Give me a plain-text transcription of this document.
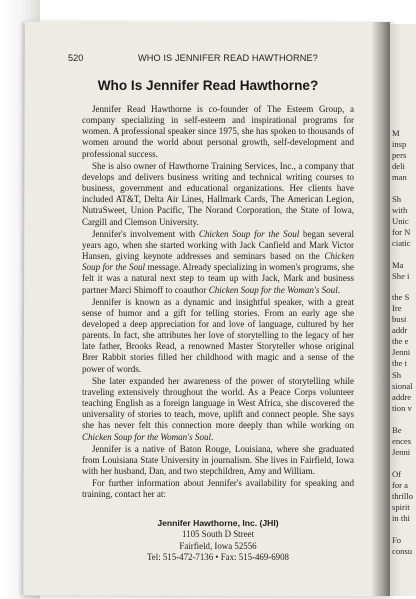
M
insp
pers
deli
man
Sh
with
Unic
for N
ciatic
Ma
She i
the S
Ire
busi
addr
the e
Jenni
the t
Sh
sional
addre
tion v
Be
ences
Jenni
Of
for a
thrillo
spirit
in thi
Fo
consu
520	WHO IS JENNIFER READ HAWTHORNE?
Who Is Jennifer Read Hawthorne?

Jennifer Read Hawthorne is co-founder of The Esteem Group, a company specializing in self-esteem and inspirational programs for women. A professional speaker since 1975, she has spoken to thousands of women around the world about personal growth, self-development and professional success.

She is also owner of Hawthorne Training Services, Inc., a company that develops and delivers business writing and technical writing courses to business, government and educational organizations. Her clients have included AT&T, Delta Air Lines, Hallmark Cards, The American Legion, NutraSweet, Union Pacific, The Norand Corporation, the State of Iowa, Cargill and Clemson University.

Jennifer's involvement with Chicken Soup for the Soul began several years ago, when she started working with Jack Canfield and Mark Victor Hansen, giving keynote addresses and seminars based on the Chicken Soup for the Soul message. Already specializing in women's programs, she felt it was a natural next step to team up with Jack, Mark and business partner Marci Shimoff to coauthor Chicken Soup for the Woman's Soul.

Jennifer is known as a dynamic and insightful speaker, with a great sense of humor and a gift for telling stories. From an early age she developed a deep appreciation for and love of language, cultured by her parents. In fact, she attributes her love of storytelling to the legacy of her late father, Brooks Read, a renowned Master Storyteller whose original Brer Rabbit stories filled her childhood with magic and a sense of the power of words.

She later expanded her awareness of the power of storytelling while traveling extensively throughout the world. As a Peace Corps volunteer teaching English as a foreign language in West Africa, she discovered the universality of stories to teach, move, uplift and connect people. She says she has never felt this connection more deeply than while working on Chicken Soup for the Woman's Soul.

Jennifer is a native of Baton Rouge, Louisiana, where she graduated from Louisiana State University in journalism. She lives in Fairfield, Iowa with her husband, Dan, and two stepchildren, Amy and William.

For further information about Jennifer's availability for speaking and training, contact her at:

Jennifer Hawthorne, Inc. (JHI)
1105 South D Street
Fairfield, Iowa 52556
Tel: 515-472-7136 • Fax: 515-469-6908
